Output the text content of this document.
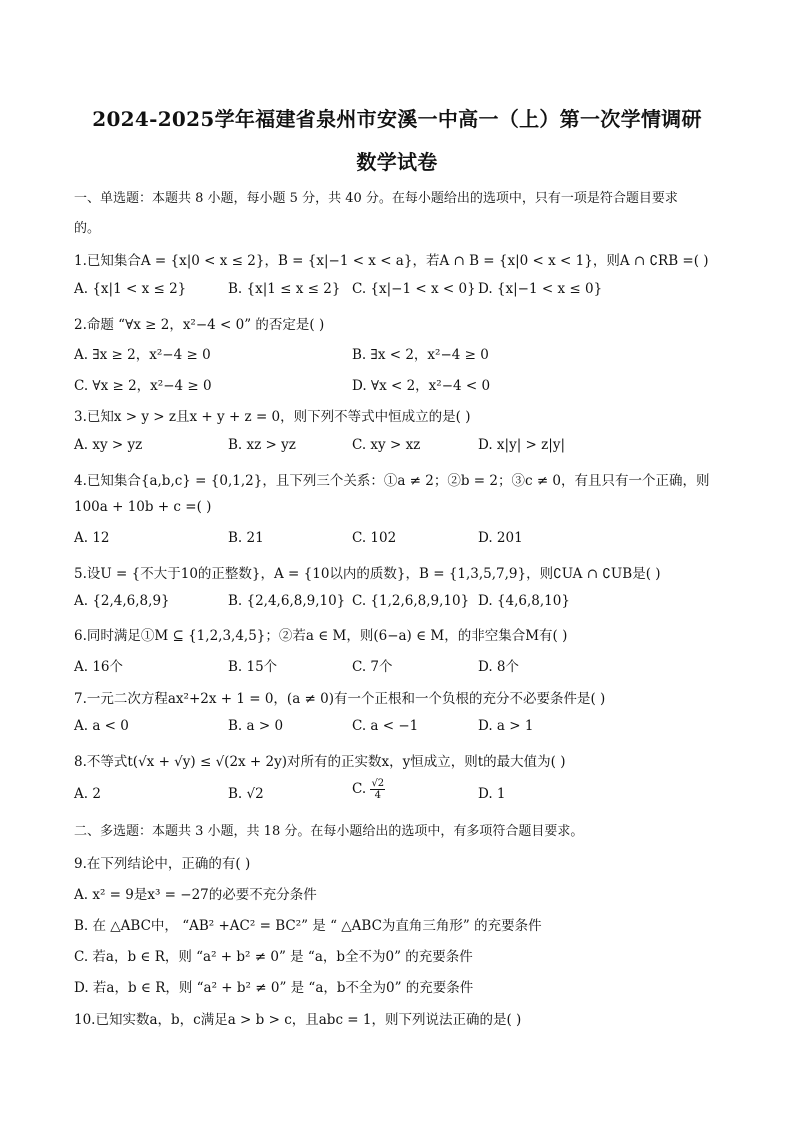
2024-2025学年福建省泉州市安溪一中高一（上）第一次学情调研
数学试卷
一、单选题：本题共 8 小题，每小题 5 分，共 40 分。在每小题给出的选项中，只有一项是符合题目要求
的。
1.已知集合A = {x|0 < x ≤ 2}，B = {x|−1 < x < a}，若A ∩ B = {x|0 < x < 1}，则A ∩ ∁RB =( )
A. {x|1 < x ≤ 2}	B. {x|1 ≤ x ≤ 2} C. {x|−1 < x < 0} D. {x|−1 < x ≤ 0}
2.命题 “∀x ≥ 2，x²−4 < 0” 的否定是( )
A. ∃x ≥ 2，x²−4 ≥ 0	B. ∃x < 2，x²−4 ≥ 0
C. ∀x ≥ 2，x²−4 ≥ 0	D. ∀x < 2，x²−4 < 0
3.已知x > y > z且x + y + z = 0，则下列不等式中恒成立的是( )
A. xy > yz	B. xz > yz	C. xy > xz	D. x|y| > z|y|
4.已知集合{a,b,c} = {0,1,2}，且下列三个关系：①a ≠ 2；②b = 2；③c ≠ 0，有且只有一个正确，则
100a + 10b + c =( )
A. 12	B. 21	C. 102	D. 201
5.设U = {不大于10的正整数}，A = {10以内的质数}，B = {1,3,5,7,9}，则∁UA ∩ ∁UB是( )
A. {2,4,6,8,9}	B. {2,4,6,8,9,10} C. {1,2,6,8,9,10} D. {4,6,8,10}
6.同时满足①M ⊆ {1,2,3,4,5}；②若a ∈ M，则(6−a) ∈ M，的非空集合M有( )
A. 16个	B. 15个	C. 7个	D. 8个
7.一元二次方程ax²+2x + 1 = 0，(a ≠ 0)有一个正根和一个负根的充分不必要条件是( )
A. a < 0	B. a > 0	C. a < −1	D. a > 1
8.不等式t(√x + √y) ≤ √(2x + 2y)对所有的正实数x，y恒成立，则t的最大值为( )
A. 2	B. √2	C. $\frac{√2}{4}$	D. 1
二、多选题：本题共 3 小题，共 18 分。在每小题给出的选项中，有多项符合题目要求。
9.在下列结论中，正确的有( )
A. x² = 9是x³ = −27的必要不充分条件
B. 在 △ABC中， “AB² +AC² = BC²” 是 “ △ABC为直角三角形” 的充要条件
C. 若a，b ∈ R，则 “a² + b² ≠ 0” 是 “a，b全不为0” 的充要条件
D. 若a，b ∈ R，则 “a² + b² ≠ 0” 是 “a，b不全为0” 的充要条件
10.已知实数a，b，c满足a > b > c，且abc = 1，则下列说法正确的是( )
